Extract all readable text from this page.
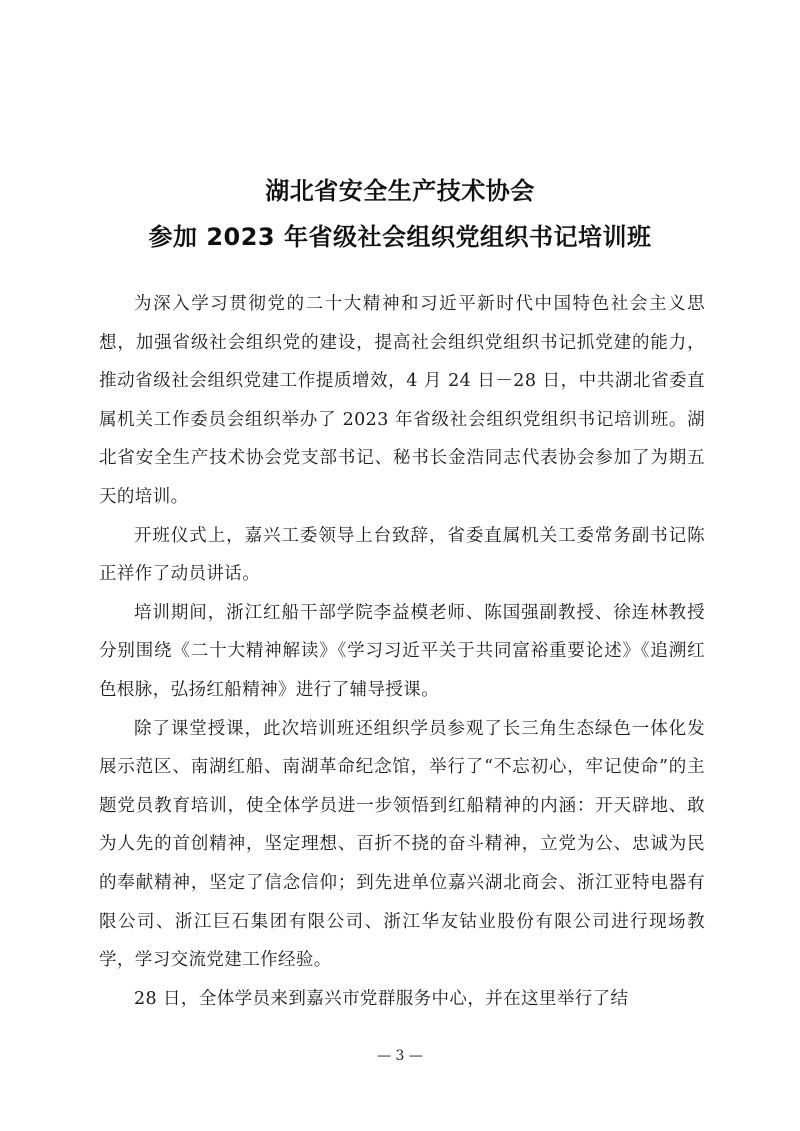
湖北省安全生产技术协会
参加 2023 年省级社会组织党组织书记培训班

为深入学习贯彻党的二十大精神和习近平新时代中国特色社会主义思想，加强省级社会组织党的建设，提高社会组织党组织书记抓党建的能力，推动省级社会组织党建工作提质增效，4 月 24 日－28 日，中共湖北省委直属机关工作委员会组织举办了 2023 年省级社会组织党组织书记培训班。湖北省安全生产技术协会党支部书记、秘书长金浩同志代表协会参加了为期五天的培训。

开班仪式上，嘉兴工委领导上台致辞，省委直属机关工委常务副书记陈正祥作了动员讲话。

培训期间，浙江红船干部学院李益模老师、陈国强副教授、徐连林教授分别围绕《二十大精神解读》《学习习近平关于共同富裕重要论述》《追溯红色根脉，弘扬红船精神》进行了辅导授课。

除了课堂授课，此次培训班还组织学员参观了长三角生态绿色一体化发展示范区、南湖红船、南湖革命纪念馆，举行了“不忘初心，牢记使命”的主题党员教育培训，使全体学员进一步领悟到红船精神的内涵：开天辟地、敢为人先的首创精神，坚定理想、百折不挠的奋斗精神，立党为公、忠诚为民的奉献精神，坚定了信念信仰；到先进单位嘉兴湖北商会、浙江亚特电器有限公司、浙江巨石集团有限公司、浙江华友钴业股份有限公司进行现场教学，学习交流党建工作经验。

28 日，全体学员来到嘉兴市党群服务中心，并在这里举行了结

— 3 —
